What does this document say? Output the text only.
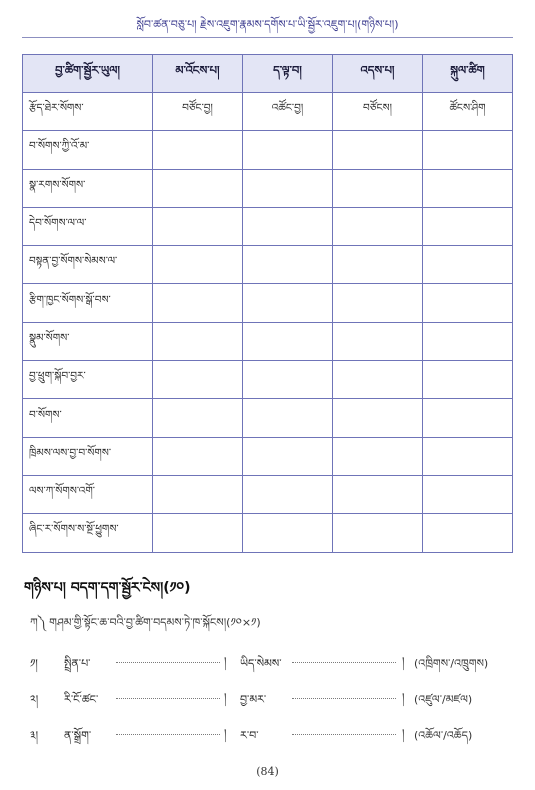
སློབ་ཚན་བཅུ་པ། རྗེས་འཇུག་རྣམས་དགོས་པ་ཡི་སྦྱོར་འཇུག་པ།(གཉིས་པ།)
བྱ་ཚིག་སྦྱོར་ཡུལ།	མ་འོངས་པ།	ད་ལྟ་བ།	འདས་པ།	སྐུལ་ཚིག
རྩོད་ཐེར་སོགས་	བཙོང་བྱ།	འཚོང་བྱ།	བཙོངས།	ཚོངས་ཤིག
བ་སོགས་ཀྱི་འོ་མ་				
སྣ་རགས་སོགས་				
དེབ་སོགས་ལ་ལ་				
བསྟན་བྱ་སོགས་སེམས་ལ་				
རྩིག་ཁྱང་སོགས་སྒོ་བས་				
སྣུམ་སོགས་				
བྱ་ཕྲུག་སྐོབ་བྱར་				
བ་སོགས་				
ཁྲིམས་ལས་བྱ་བ་སོགས་				
ལས་ཀ་སོགས་འགོ་				
ཞིང་ར་སོགས་ས་སྔོ་ཕྱུགས་				
གཉིས་པ། བདག་དག་སྦྱོར་ངེས།(༡༠)
ཀ༽ གཤམ་གྱི་སྟོང་ཆ་བའི་བྱ་ཚིག་བདམས་ཏེ་ཁ་སྐོངས།(༡༠×༡)
༡།	སྤྲིན་པ་	། ཡིད་སེམས་	། (འཁྲིགས་/འཁྲུགས)
༢།	རི་ངོ་ཚང་	། བྱ་མར་	། (འཛུལ་/མཛལ)
༣།	ན་སྒྲོག་	། ར་བ་	། (འཆོལ་/འཆོད)
(84)
